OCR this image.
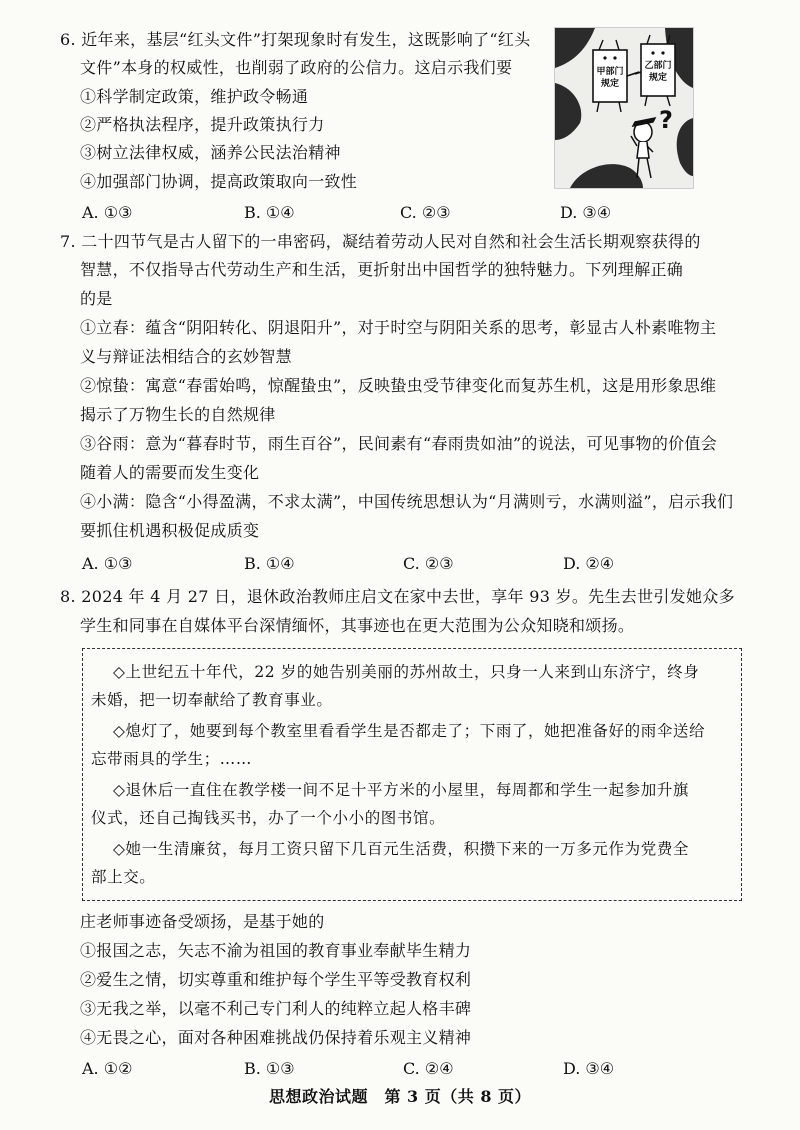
6. 近年来，基层“红头文件”打架现象时有发生，这既影响了“红头
文件”本身的权威性，也削弱了政府的公信力。这启示我们要
①科学制定政策，维护政令畅通
②严格执法程序，提升政策执行力
③树立法律权威，涵养公民法治精神
④加强部门协调，提高政策取向一致性
A. ①③	B. ①④	C. ②③	D. ③④
甲部门
规定
乙部门
规定
?
7. 二十四节气是古人留下的一串密码，凝结着劳动人民对自然和社会生活长期观察获得的
智慧，不仅指导古代劳动生产和生活，更折射出中国哲学的独特魅力。下列理解正确
的是
①立春：蕴含“阴阳转化、阴退阳升”，对于时空与阴阳关系的思考，彰显古人朴素唯物主
义与辩证法相结合的玄妙智慧
②惊蛰：寓意“春雷始鸣，惊醒蛰虫”，反映蛰虫受节律变化而复苏生机，这是用形象思维
揭示了万物生长的自然规律
③谷雨：意为“暮春时节，雨生百谷”，民间素有“春雨贵如油”的说法，可见事物的价值会
随着人的需要而发生变化
④小满：隐含“小得盈满，不求太满”，中国传统思想认为“月满则亏，水满则溢”，启示我们
要抓住机遇积极促成质变
A. ①③	B. ①④	C. ②③	D. ②④
8. 2024 年 4 月 27 日，退休政治教师庄启文在家中去世，享年 93 岁。先生去世引发她众多
学生和同事在自媒体平台深情缅怀，其事迹也在更大范围为公众知晓和颂扬。
◇上世纪五十年代，22 岁的她告别美丽的苏州故土，只身一人来到山东济宁，终身
未婚，把一切奉献给了教育事业。
◇熄灯了，她要到每个教室里看看学生是否都走了；下雨了，她把准备好的雨伞送给
忘带雨具的学生；……
◇退休后一直住在教学楼一间不足十平方米的小屋里，每周都和学生一起参加升旗
仪式，还自己掏钱买书，办了一个小小的图书馆。
◇她一生清廉贫，每月工资只留下几百元生活费，积攒下来的一万多元作为党费全
部上交。
庄老师事迹备受颂扬，是基于她的
①报国之志，矢志不渝为祖国的教育事业奉献毕生精力
②爱生之情，切实尊重和维护每个学生平等受教育权利
③无我之举，以毫不利己专门利人的纯粹立起人格丰碑
④无畏之心，面对各种困难挑战仍保持着乐观主义精神
A. ①②	B. ①③	C. ②④	D. ③④
思想政治试题　第 3 页（共 8 页）
